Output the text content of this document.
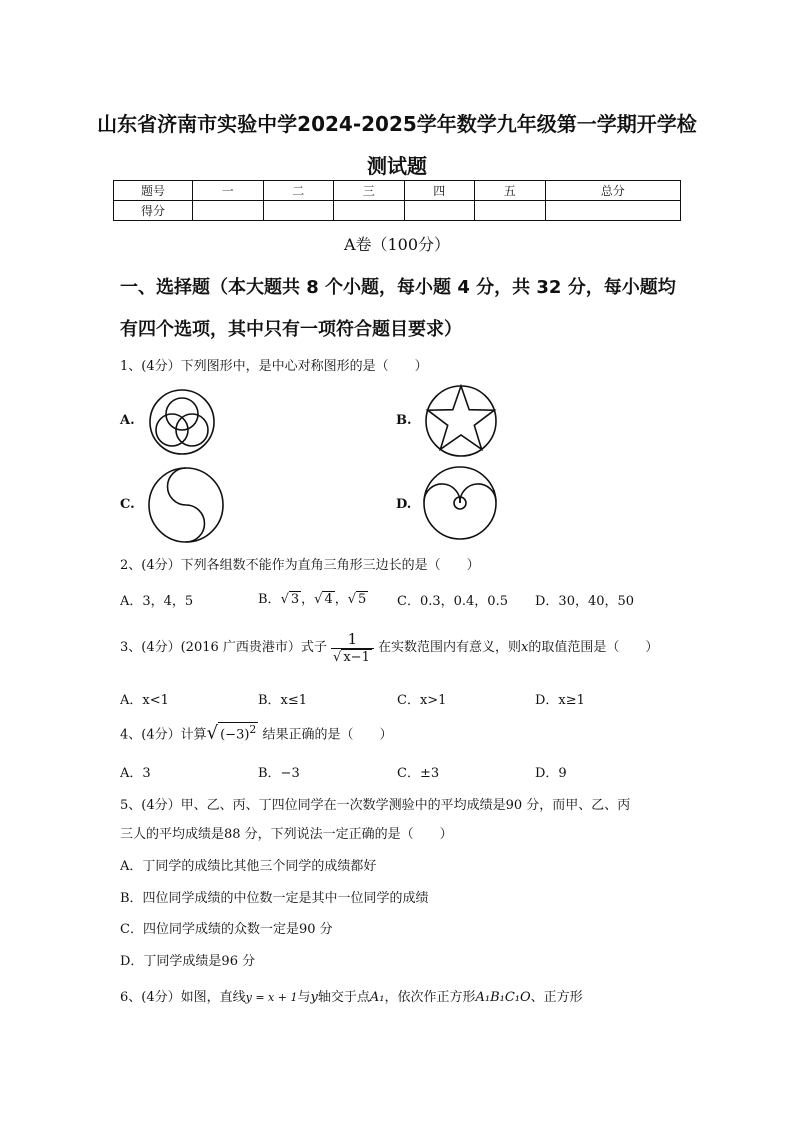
山东省济南市实验中学2024-2025学年数学九年级第一学期开学检
测试题
题号	一	二	三	四	五	总分
得分						
A卷（100分）
一、选择题（本大题共 8 个小题，每小题 4 分，共 32 分，每小题均
有四个选项，其中只有一项符合题目要求）
1、(4分）下列图形中，是中心对称图形的是（　　）
A.	B.
C.	D.
2、(4分）下列各组数不能作为直角三角形三边长的是（　　）
A．3，4，5	B．√ 3 ，√ 4 ，√ 5 C．0.3，0.4，0.5 D．30，40，50
3、(4分）(2016 广西贵港市）式子 $\frac{1}{√ x-1}$ 在实数范围内有意义，则x的取值范围是（　　）
A．x<1	B．x≤1	C．x>1	D．x≥1
4、(4分）计算√ $(-3)^2$ 结果正确的是（　　）
A．3	B．−3	C．±3	D．9
5、(4分）甲、乙、丙、丁四位同学在一次数学测验中的平均成绩是90 分，而甲、乙、丙
三人的平均成绩是88 分，下列说法一定正确的是（　　）
A．丁同学的成绩比其他三个同学的成绩都好
B．四位同学成绩的中位数一定是其中一位同学的成绩
C．四位同学成绩的众数一定是90 分
D．丁同学成绩是96 分
6、(4分）如图，直线y = x + 1与y轴交于点A₁，依次作正方形A₁B₁C₁O、正方形
